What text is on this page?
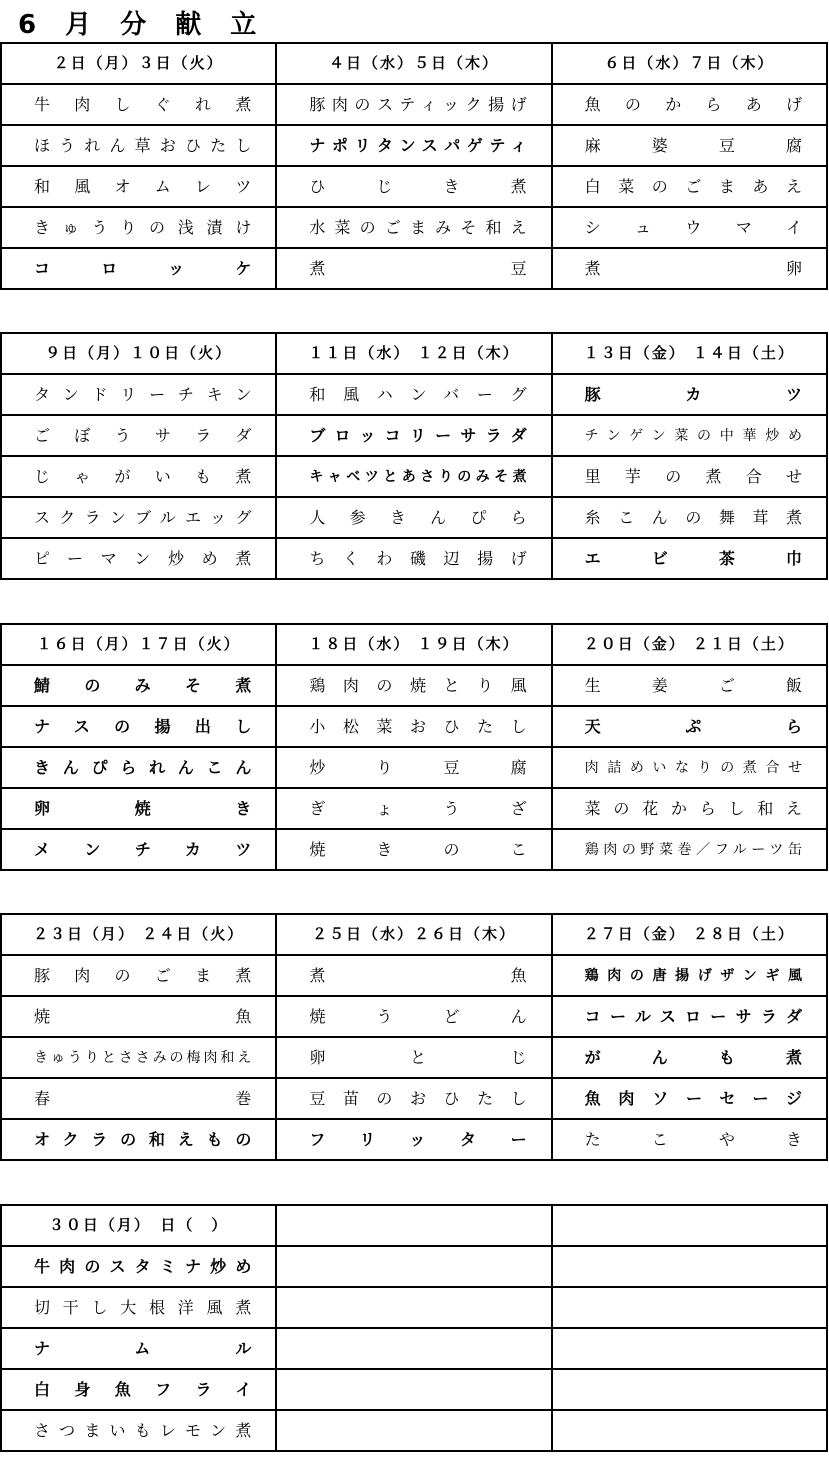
6 月 分 献 立
２日（月）３日（火）	４日（水）５日（木）	６日（水）７日（木）
牛肉しぐれ煮	豚肉のスティック揚げ	魚のからあげ
ほうれん草おひたし	ナポリタンスパゲティ	麻婆豆腐
和風オムレツ	ひじき煮	白菜のごまあえ
きゅうりの浅漬け	水菜のごまみそ和え	シュウマイ
コロッケ	煮豆	煮卵
９日（月）１０日（火）	１１日（水） １２日（木）	１３日（金） １４日（土）
タンドリーチキン	和風ハンバーグ	豚カツ
ごぼうサラダ	ブロッコリーサラダ	チンゲン菜の中華炒め
じゃがいも煮	キャベツとあさりのみそ煮	里芋の煮合せ
スクランブルエッグ	人参きんぴら	糸こんの舞茸煮
ピーマン炒め煮	ちくわ磯辺揚げ	エビ茶巾
１６日（月）１７日（火）	１８日（水） １９日（木）	２０日（金） ２１日（土）
鯖のみそ煮	鶏肉の焼とり風	生姜ご飯
ナスの揚出し	小松菜おひたし	天ぷら
きんぴられんこん	炒り豆腐	肉詰めいなりの煮合せ
卵焼き	ぎょうざ	菜の花からし和え
メンチカツ	焼きのこ	鶏肉の野菜巻／フルーツ缶
２３日（月） ２４日（火）	２５日（水）２６日（木）	２７日（金） ２８日（土）
豚肉のごま煮	煮魚	鶏肉の唐揚げザンギ風
焼魚	焼うどん	コールスローサラダ
きゅうりとささみの梅肉和え	卵とじ	がんも煮
春巻	豆苗のおひたし	魚肉ソーセージ
オクラの和えもの	フリッター	たこやき
３０日（月）　日（　）		
牛肉のスタミナ炒め		
切干し大根洋風煮		
ナムル		
白身魚フライ		
さつまいもレモン煮		
